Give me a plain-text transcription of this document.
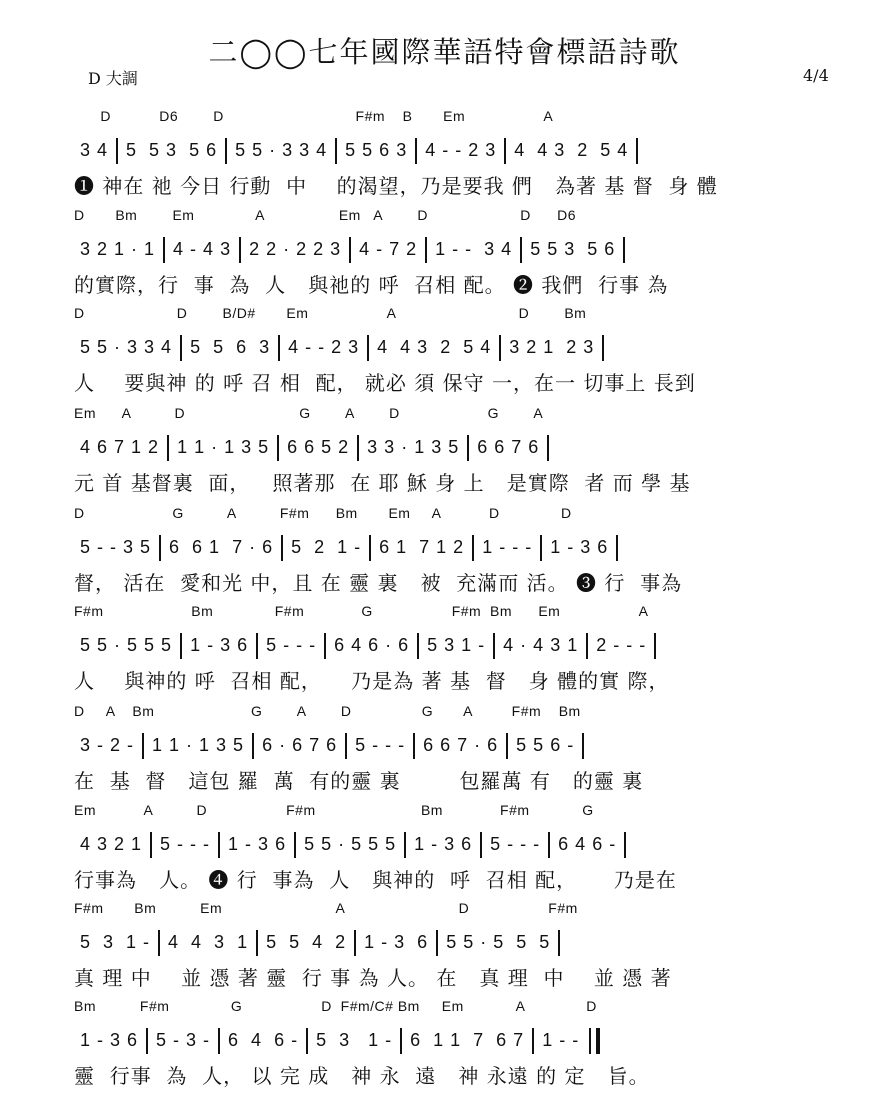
二◯◯七年國際華語特會標語詩歌
D 大調	4/4
D           D6        D                              F#m    B       Em                  A
3 4 5  5 3  5 6 5 5 · 3 3 4 5 5 6 3 4 - - 2 3 4  4 3  2  5 4
❶ 神在 祂 今日 行動  中    的渴望，乃是要我 們   為著 基 督  身 體
D       Bm        Em              A                 Em   A        D                     D      D6
3 2 1 · 1 4 - 4 3 2 2 · 2 2 3 4 - 7 2 1 - -  3 4 5 5 3  5 6
的實際，行  事  為  人   與祂的 呼  召相 配。 ❷ 我們  行事 為
D                     D        B/D#       Em                  A                            D        Bm
5 5 · 3 3 4 5  5  6  3 4 - - 2 3 4  4 3  2  5 4 3 2 1  2 3
人    要與神 的 呼 召 相  配， 就必 須 保守 一，在一 切事上 長到
Em      A          D                          G        A        D                    G        A
4 6 7 1 2 1 1 · 1 3 5 6 6 5 2 3 3 · 1 3 5 6 6 7 6
元 首 基督裏  面，   照著那  在 耶 穌 身 上   是實際  者 而 學 基
D                    G          A          F#m      Bm       Em     A           D              D
5 - - 3 5 6  6 1  7 · 6 5  2  1 - 6 1  7 1 2 1 - - - 1 - 3 6
督， 活在  愛和光 中，且 在 靈 裏   被  充滿而 活。 ❸ 行  事為
F#m                    Bm              F#m             G                  F#m  Bm      Em                  A
5 5 · 5 5 5 1 - 3 6 5 - - - 6 4 6 · 6 5 3 1 - 4 · 4 3 1 2 - - -
人    與神的 呼  召相 配，    乃是為 著 基  督   身 體的實 際，
D     A    Bm                      G        A        D                G       A         F#m    Bm
3 - 2 - 1 1 · 1 3 5 6 · 6 7 6 5 - - - 6 6 7 · 6 5 5 6 -
在  基  督   這包 羅  萬  有的靈 裏        包羅萬 有   的靈 裏
Em           A          D                  F#m                        Bm             F#m            G
4 3 2 1 5 - - - 1 - 3 6 5 5 · 5 5 5 1 - 3 6 5 - - - 6 4 6 -
行事為   人。 ❹ 行  事為  人   與神的  呼  召相 配，     乃是在
F#m       Bm          Em                          A                          D                  F#m
5  3  1 - 4  4  3  1 5  5  4  2 1 - 3  6 5 5 · 5  5  5
真 理 中    並 憑 著 靈  行 事 為 人。 在   真 理  中    並 憑 著
Bm          F#m              G                  D  F#m/C# Bm     Em            A              D
1 - 3 6 5 - 3 - 6  4  6 - 5  3   1 - 6  1 1  7  6 7 1 - -
靈  行事  為  人， 以 完 成   神 永  遠   神 永遠 的 定   旨。
